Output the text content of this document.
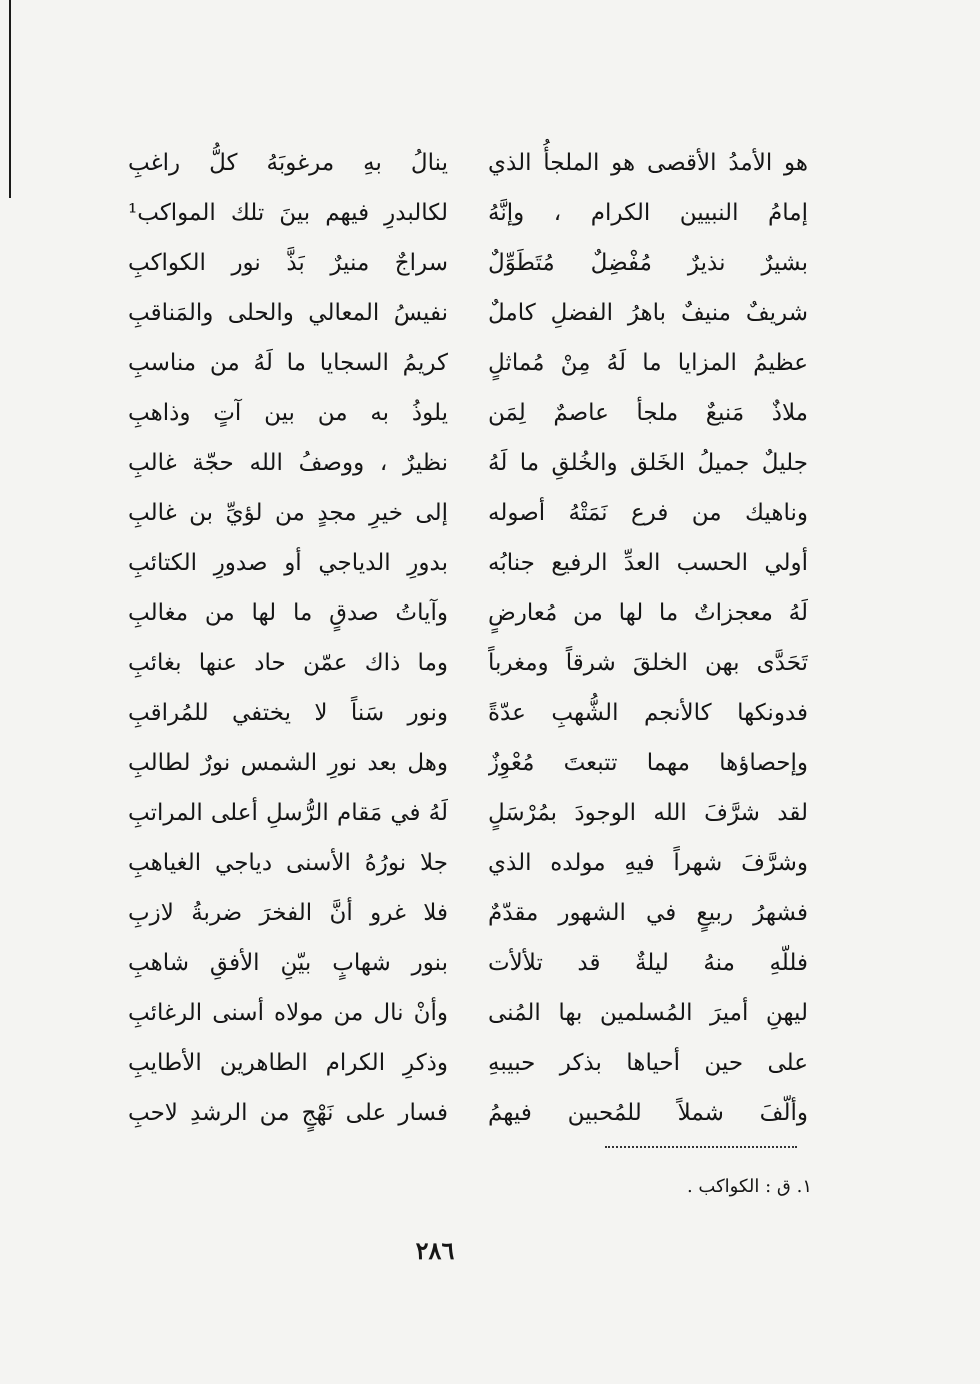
هو الأمدُ الأقصى هو الملجأُ الذي
ينالُ بهِ مرغوبَهُ كلُّ راغبِ
إمامُ النبيين الكرام ، وإنَّهُ
لكالبدرِ فيهم بينَ تلك المواكب¹
بشيرٌ نذيرٌ مُفْضِلٌ مُتَطَوِّلٌ
سراجٌ منيرٌ بَذَّ نور الكواكبِ
شريفٌ منيفٌ باهرُ الفضلِ كاملٌ
نفيسُ المعالي والحلى والمَناقبِ
عظيمُ المزايا ما لَهُ مِنْ مُماثلٍ
كريمُ السجايا ما لَهُ من مناسبِ
ملاذٌ مَنيعٌ ملجأ عاصمٌ لِمَن
يلوذُ به من بين آتٍ وذاهبِ
جليلٌ جميلُ الخَلق والخُلقِ ما لَهُ
نظيرٌ ، ووصفُ الله حجّة غالبِ
وناهيك من فرع نَمَتْهُ أصوله
إلى خيرِ مجدٍ من لؤيِّ بن غالبِ
أولي الحسب العدِّ الرفيع جنابُه
بدورِ الدياجي أو صدورِ الكتائبِ
لَهُ معجزاتٌ ما لها من مُعارضٍ
وآياتُ صدقٍ ما لها من مغالبِ
تَحَدَّى بهن الخلقَ شرقاً ومغرباً
وما ذاك عمّن حاد عنها بغائبِ
فدونكها كالأنجم الشُّهبِ عدّةً
ونور سَناً لا يختفي للمُراقبِ
وإحصاؤها مهما تتبعتَ مُعْوِزٌ
وهل بعد نورِ الشمس نورٌ لطالبِ
لقد شرَّفَ الله الوجودَ بمُرْسَلٍ
لَهُ في مَقام الرُّسلِ أعلى المراتبِ
وشرَّفَ شهراً فيهِ مولده الذي
جلا نورُهُ الأسنى دياجي الغياهبِ
فشهرُ ربيعٍ في الشهور مقدّمٌ
فلا غرو أنَّ الفخرَ ضربةُ لازبِ
فللّهِ منهُ ليلةٌ قد تلألأت
بنور شهابٍ بيّنِ الأفقِ شاهبِ
ليهنِ أميرَ المُسلمين بها المُنى
وأنْ نال من مولاه أسنى الرغائبِ
على حين أحياها بذكر حبيبهِ
وذكرِ الكرام الطاهرين الأطايبِ
وألّفَ شملاً للمُحبين فيهمُ
فسار على نَهْجٍ من الرشدِ لاحبِ
١. ق : الكواكب .
٢٨٦
